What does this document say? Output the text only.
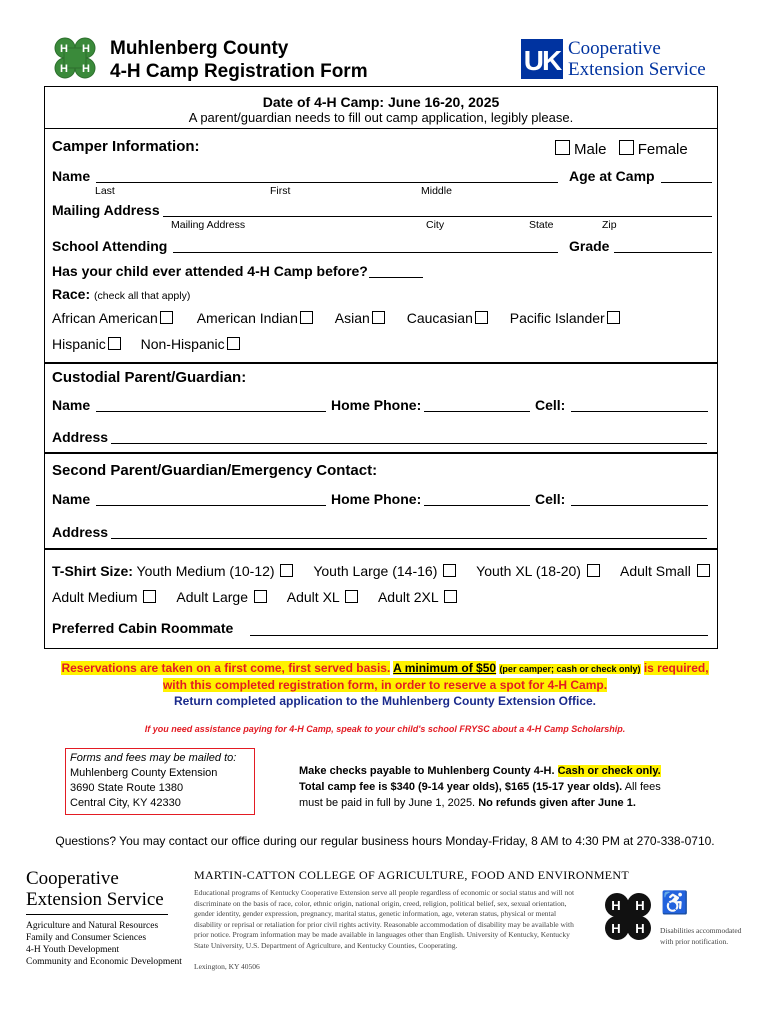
H H
H H
Muhlenberg County
4-H Camp Registration Form	UK Cooperative
Extension Service
Date of 4-H Camp: June 16-20, 2025
A parent/guardian needs to fill out camp application, legibly please.
Camper Information:	Male Female
Name	Age at Camp
Last	First	Middle
Mailing Address
Mailing Address	City	State	Zip
School Attending	Grade
Has your child ever attended 4-H Camp before?
Race: (check all that apply)
African American	American Indian	Asian	Caucasian	Pacific Islander
Hispanic Non-Hispanic
Custodial Parent/Guardian:
Name	Home Phone:	Cell:
Address
Second Parent/Guardian/Emergency Contact:
Name	Home Phone:	Cell:
Address
T-Shirt Size: Youth Medium (10-12)	Youth Large (14-16)	Youth XL (18-20)	Adult Small
Adult Medium	Adult Large	Adult XL	Adult 2XL
Preferred Cabin Roommate
Reservations are taken on a first come, first served basis. A minimum of $50 (per camper; cash or check only) is required,
with this completed registration form, in order to reserve a spot for 4-H Camp.
Return completed application to the Muhlenberg County Extension Office.
If you need assistance paying for 4-H Camp, speak to your child's school FRYSC about a 4-H Camp Scholarship.
Forms and fees may be mailed to:
Muhlenberg County Extension
3690 State Route 1380
Central City, KY 42330
Make checks payable to Muhlenberg County 4-H. Cash or check only.
Total camp fee is $340 (9-14 year olds), $165 (15-17 year olds). All fees
must be paid in full by June 1, 2025. No refunds given after June 1.
Questions? You may contact our office during our regular business hours Monday-Friday, 8 AM to 4:30 PM at 270-338-0710.
Cooperative
Extension Service
Agriculture and Natural Resources
Family and Consumer Sciences
4-H Youth Development
Community and Economic Development
MARTIN-CATTON COLLEGE OF AGRICULTURE, FOOD AND ENVIRONMENT
Educational programs of Kentucky Cooperative Extension serve all people regardless of economic or social status and will not discriminate on the basis of race, color, ethnic origin, national origin, creed, religion, political belief, sex, sexual orientation, gender identity, gender expression, pregnancy, marital status, genetic information, age, veteran status, physical or mental disability or reprisal or retaliation for prior civil rights activity. Reasonable accommodation of disability may be available with prior notice. Program information may be made available in languages other than English. University of Kentucky, Kentucky State University, U.S. Department of Agriculture, and Kentucky Counties, Cooperating.
Lexington, KY 40506
H H
H H
♿
Disabilities accommodated with prior notification.
